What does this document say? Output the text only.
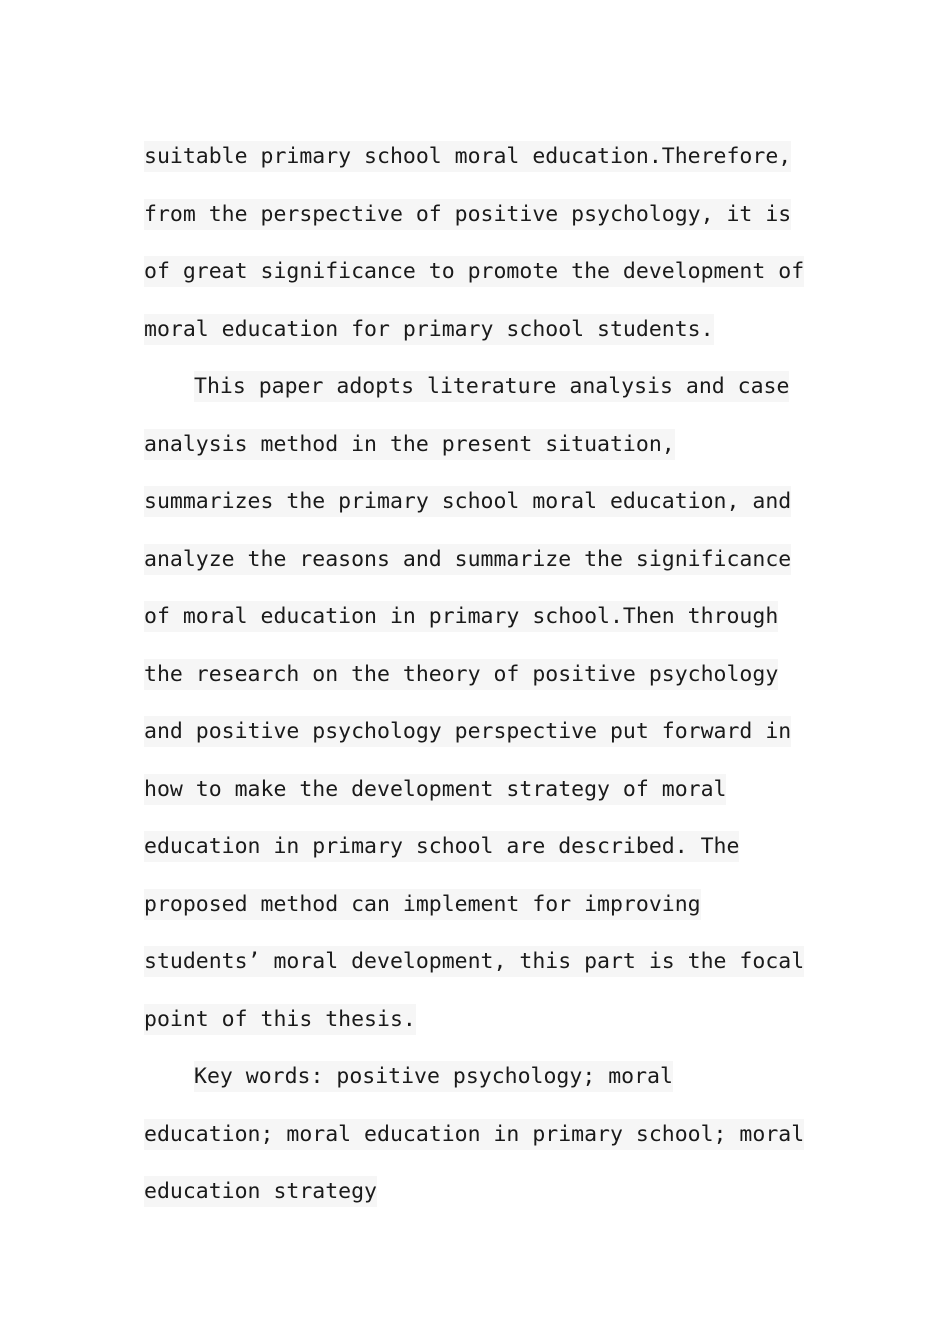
suitable primary school moral education.Therefore,
from the perspective of positive psychology, it is
of great significance to promote the development of
moral education for primary school students.
This paper adopts literature analysis and case
analysis method in the present situation,
summarizes the primary school moral education, and
analyze the reasons and summarize the significance
of moral education in primary school.Then through
the research on the theory of positive psychology
and positive psychology perspective put forward in
how to make the development strategy of moral
education in primary school are described. The
proposed method can implement for improving
students’ moral development, this part is the focal
point of this thesis.
Key words: positive psychology; moral
education; moral education in primary school; moral
education strategy
